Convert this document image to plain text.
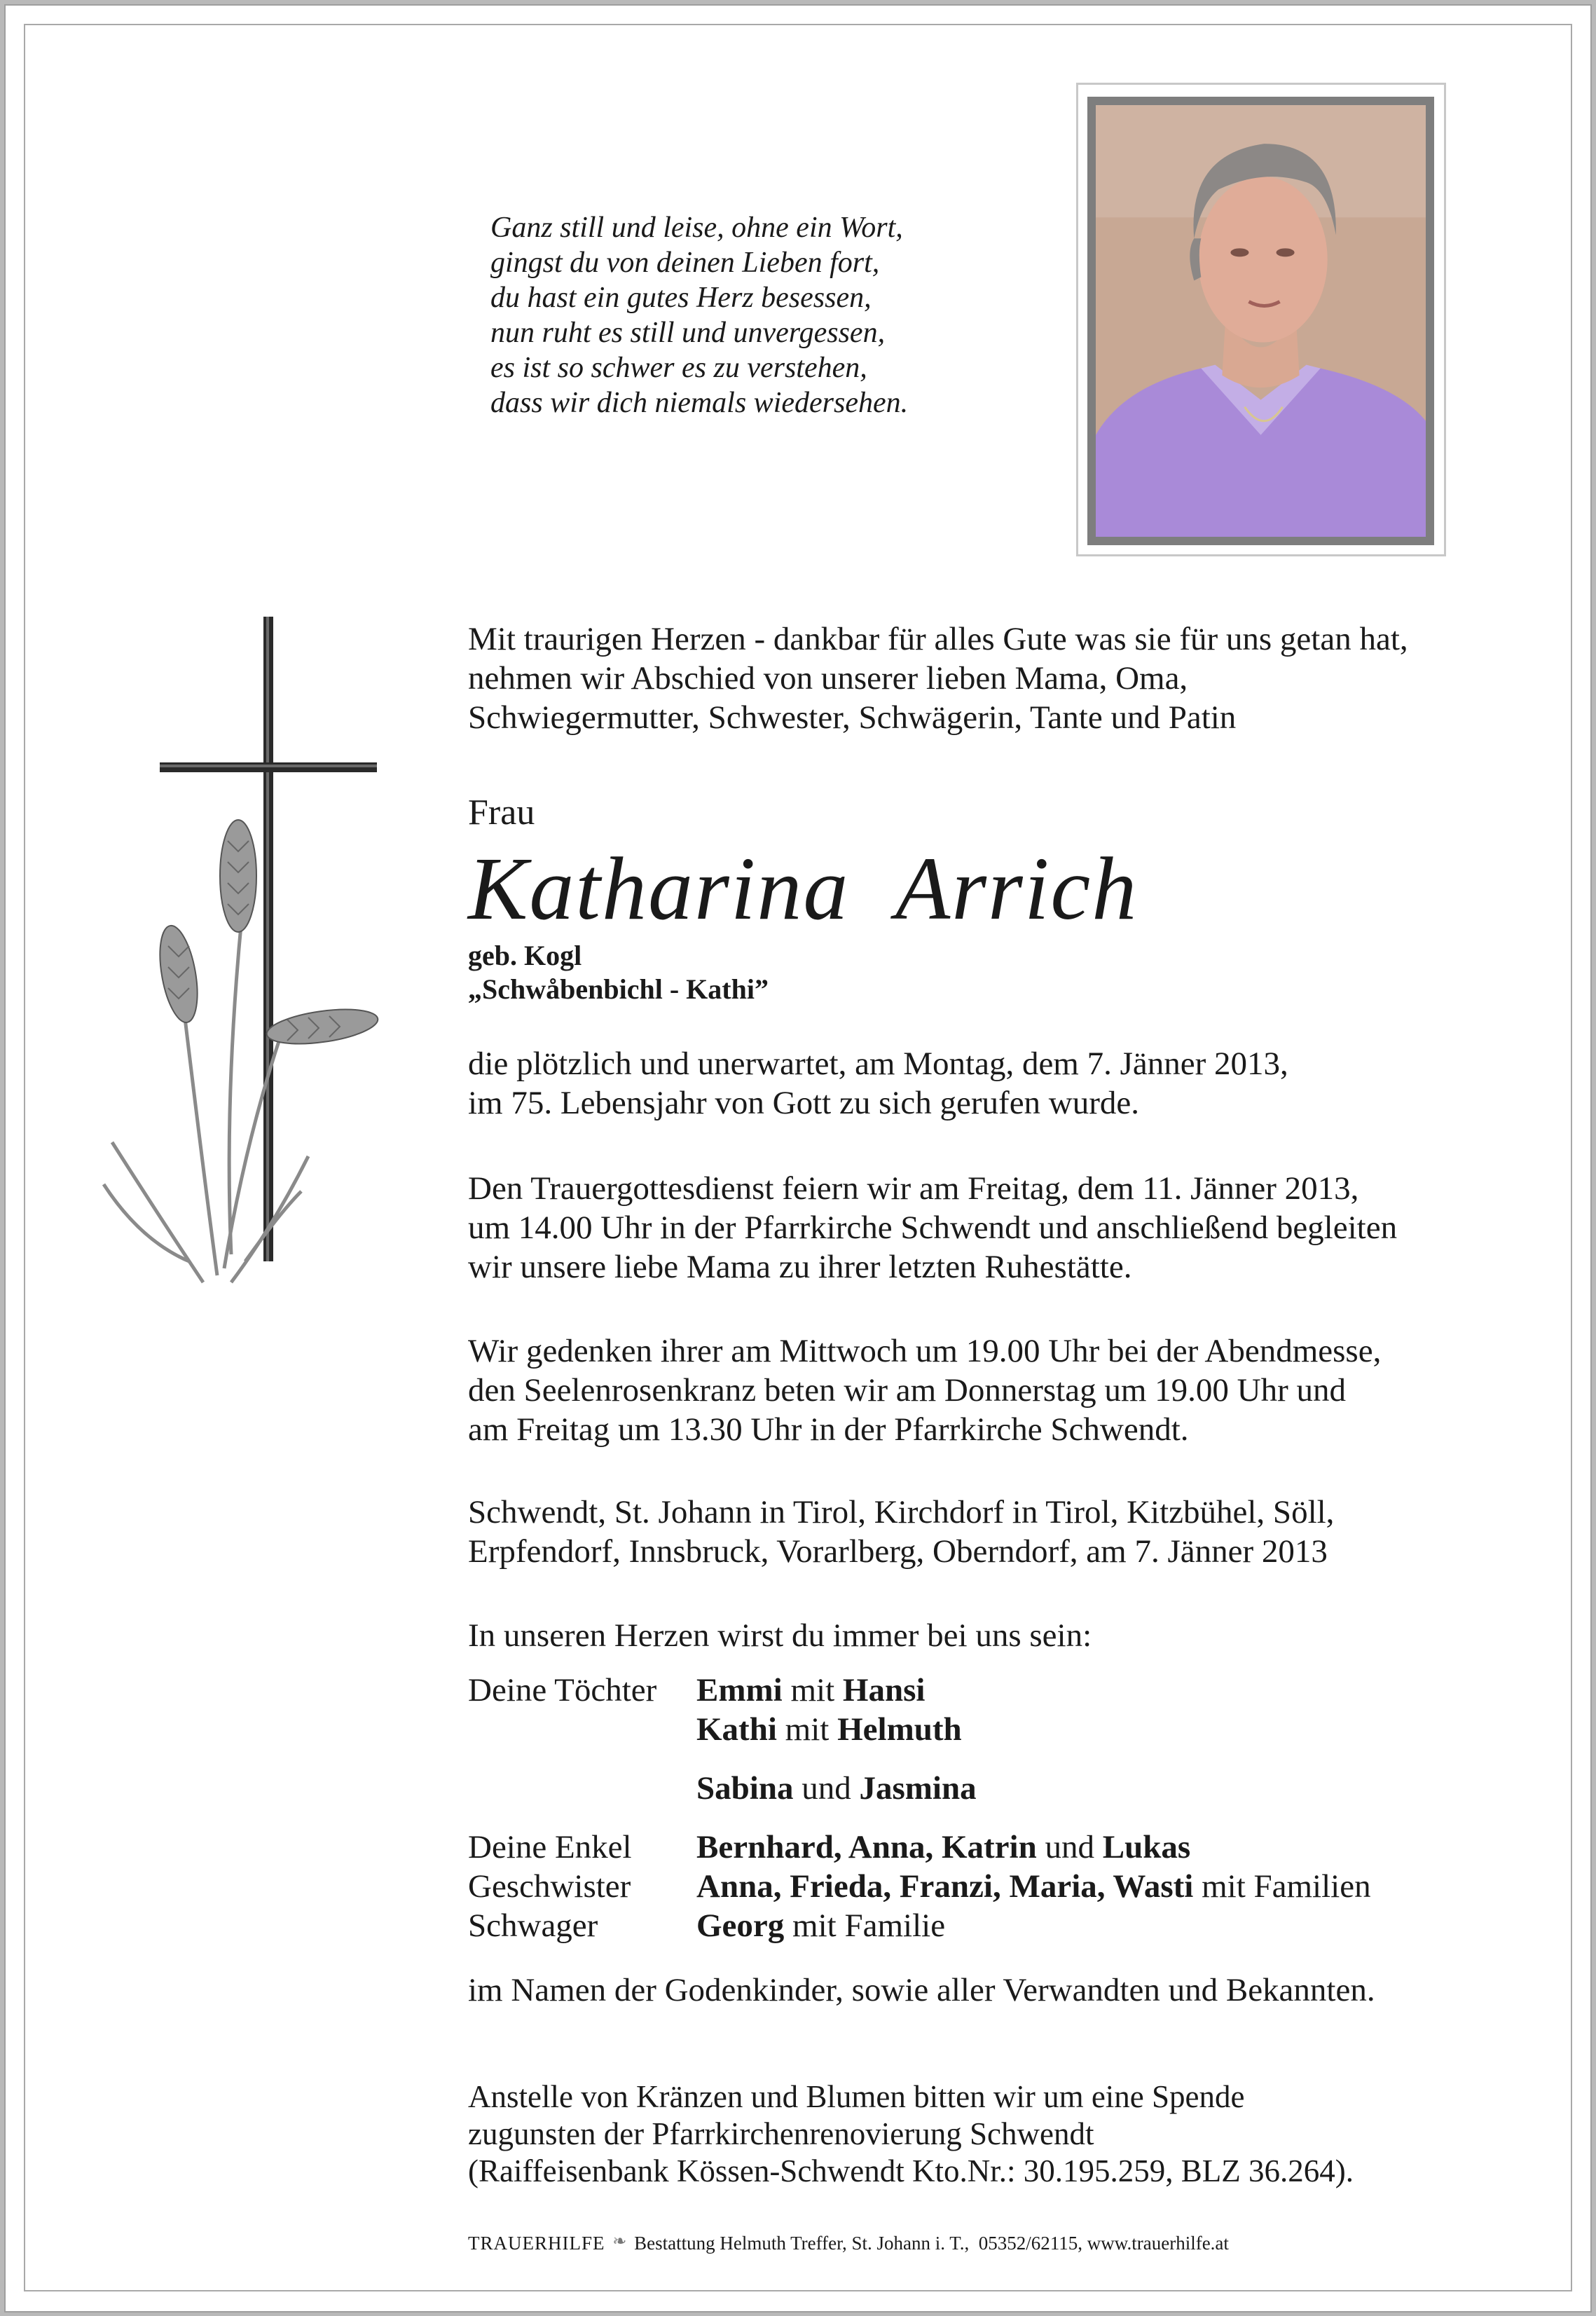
Ganz still und leise, ohne ein Wort,
gingst du von deinen Lieben fort,
du hast ein gutes Herz besessen,
nun ruht es still und unvergessen,
es ist so schwer es zu verstehen,
dass wir dich niemals wiedersehen.
Mit traurigen Herzen - dankbar für alles Gute was sie für uns getan hat,
nehmen wir Abschied von unserer lieben Mama, Oma,
Schwiegermutter, Schwester, Schwägerin, Tante und Patin
Frau
Katharina  Arrich
geb. Kogl
„Schwåbenbichl - Kathi”
die plötzlich und unerwartet, am Montag, dem 7. Jänner 2013,
im 75. Lebensjahr von Gott zu sich gerufen wurde.
Den Trauergottesdienst feiern wir am Freitag, dem 11. Jänner 2013,
um 14.00 Uhr in der Pfarrkirche Schwendt und anschließend begleiten
wir unsere liebe Mama zu ihrer letzten Ruhestätte.
Wir gedenken ihrer am Mittwoch um 19.00 Uhr bei der Abendmesse,
den Seelenrosenkranz beten wir am Donnerstag um 19.00 Uhr und
am Freitag um 13.30 Uhr in der Pfarrkirche Schwendt.
Schwendt, St. Johann in Tirol, Kirchdorf in Tirol, Kitzbühel, Söll,
Erpfendorf, Innsbruck, Vorarlberg, Oberndorf, am 7. Jänner 2013
In unseren Herzen wirst du immer bei uns sein:
Deine Töchter Emmi mit Hansi
Kathi mit Helmuth
Sabina und Jasmina
Deine Enkel Bernhard, Anna, Katrin und Lukas
Geschwister Anna, Frieda, Franzi, Maria, Wasti mit Familien
Schwager	Georg mit Familie
im Namen der Godenkinder, sowie aller Verwandten und Bekannten.
Anstelle von Kränzen und Blumen bitten wir um eine Spende
zugunsten der Pfarrkirchenrenovierung Schwendt
(Raiffeisenbank Kössen-Schwendt Kto.Nr.: 30.195.259, BLZ 36.264).
TRAUERHILFE ❧ Bestattung Helmuth Treffer, St. Johann i. T.,  05352/62115, www.trauerhilfe.at
